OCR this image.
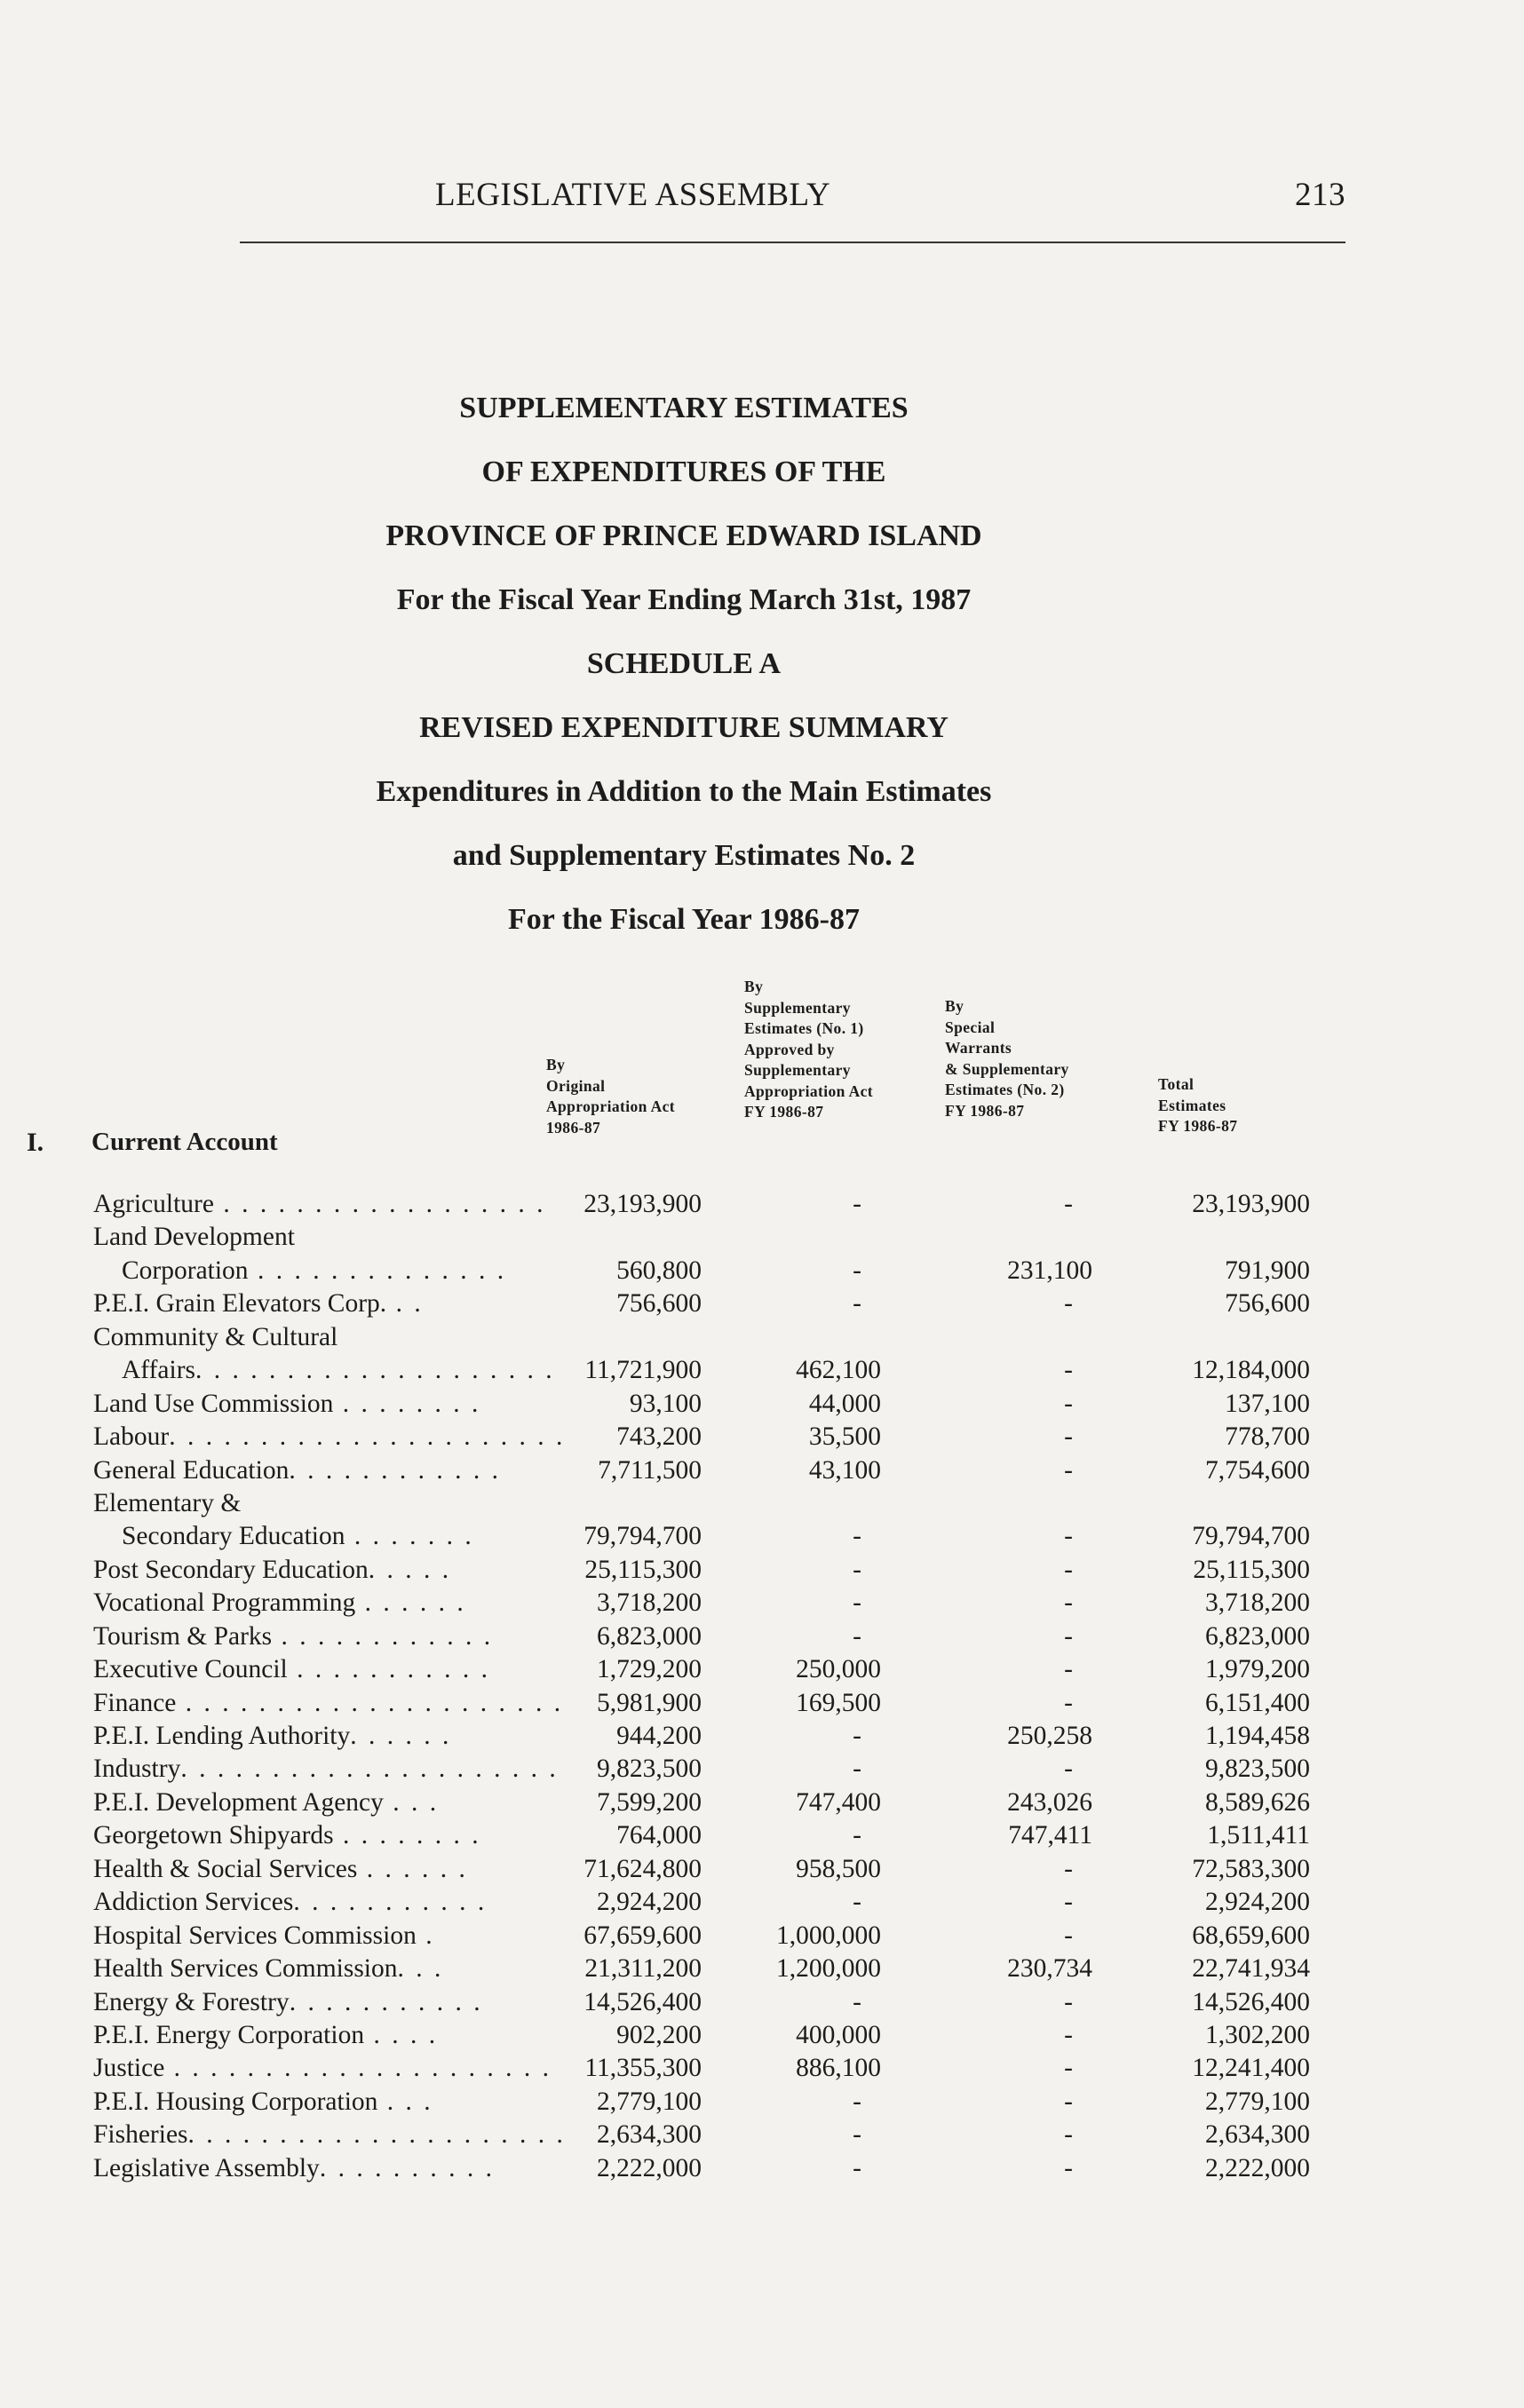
LEGISLATIVE ASSEMBLY	213
SUPPLEMENTARY ESTIMATES
OF EXPENDITURES OF THE
PROVINCE OF PRINCE EDWARD ISLAND
For the Fiscal Year Ending March 31st, 1987
SCHEDULE A
REVISED EXPENDITURE SUMMARY
Expenditures in Addition to the Main Estimates
and Supplementary Estimates No. 2
For the Fiscal Year 1986-87
By
Original
Appropriation Act
1986-87
By
Supplementary
Estimates (No. 1)
Approved by
Supplementary
Appropriation Act
FY 1986-87
By
Special
Warrants
& Supplementary
Estimates (No. 2)
FY 1986-87
Total
Estimates
FY 1986-87
I. Current Account
Agriculture . . . . . . . . . . . . . . . . . .	23,193,900	-	-	23,193,900
Land Development
Corporation . . . . . . . . . . . . . .	560,800	-	231,100	791,900
P.E.I. Grain Elevators Corp. . .	756,600	-	-	756,600
Community & Cultural
Affairs. . . . . . . . . . . . . . . . . . . .	11,721,900	462,100	-	12,184,000
Land Use Commission . . . . . . . .	93,100	44,000	-	137,100
Labour. . . . . . . . . . . . . . . . . . . . . .	743,200	35,500	-	778,700
General Education. . . . . . . . . . . .	7,711,500	43,100	-	7,754,600
Elementary &
Secondary Education . . . . . . .	79,794,700	-	-	79,794,700
Post Secondary Education. . . . .	25,115,300	-	-	25,115,300
Vocational Programming . . . . . .	3,718,200	-	-	3,718,200
Tourism & Parks . . . . . . . . . . . .	6,823,000	-	-	6,823,000
Executive Council . . . . . . . . . . .	1,729,200	250,000	-	1,979,200
Finance . . . . . . . . . . . . . . . . . . . . .	5,981,900	169,500	-	6,151,400
P.E.I. Lending Authority. . . . . .	944,200	-	250,258	1,194,458
Industry. . . . . . . . . . . . . . . . . . . . .	9,823,500	-	-	9,823,500
P.E.I. Development Agency . . .	7,599,200	747,400	243,026	8,589,626
Georgetown Shipyards . . . . . . . .	764,000	-	747,411	1,511,411
Health & Social Services . . . . . .	71,624,800	958,500	-	72,583,300
Addiction Services. . . . . . . . . . .	2,924,200	-	-	2,924,200
Hospital Services Commission .	67,659,600	1,000,000	-	68,659,600
Health Services Commission. . .	21,311,200	1,200,000	230,734	22,741,934
Energy & Forestry. . . . . . . . . . .	14,526,400	-	-	14,526,400
P.E.I. Energy Corporation . . . .	902,200	400,000	-	1,302,200
Justice . . . . . . . . . . . . . . . . . . . . .	11,355,300	886,100	-	12,241,400
P.E.I. Housing Corporation . . .	2,779,100	-	-	2,779,100
Fisheries. . . . . . . . . . . . . . . . . . . . .	2,634,300	-	-	2,634,300
Legislative Assembly. . . . . . . . . .	2,222,000	-	-	2,222,000
